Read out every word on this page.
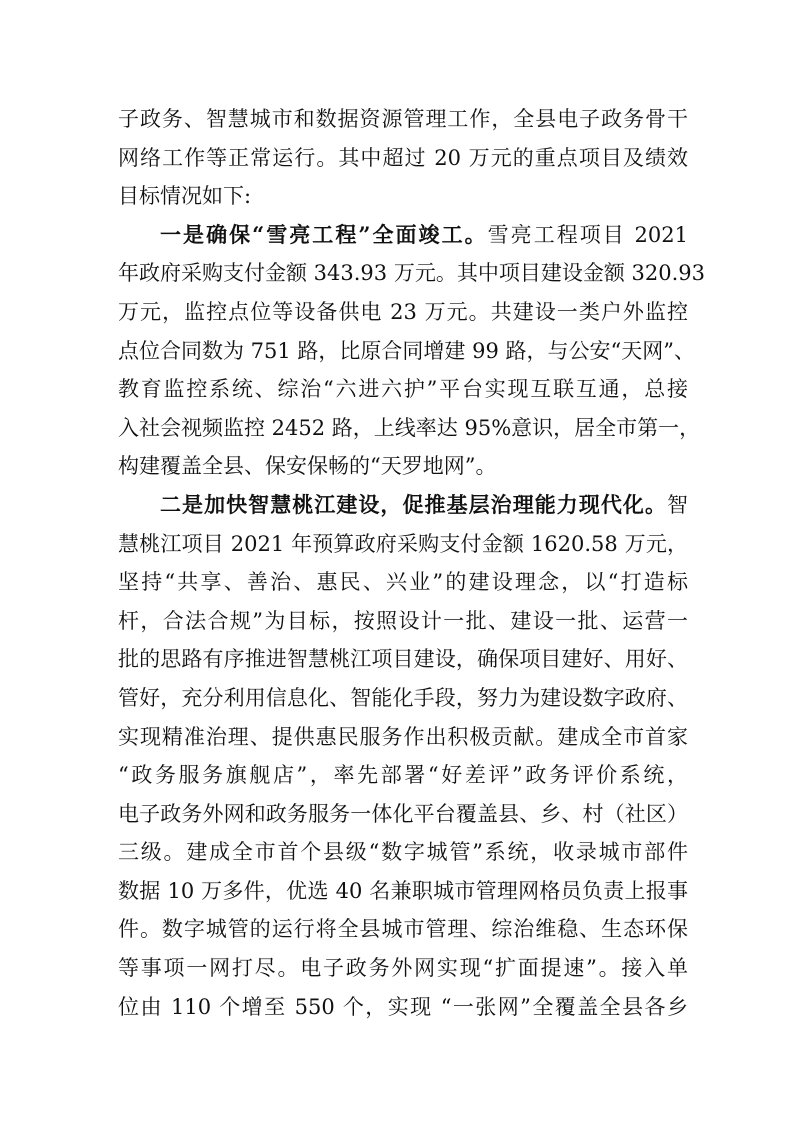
子政务、智慧城市和数据资源管理工作，全县电子政务骨干
网络工作等正常运行。其中超过 20 万元的重点项目及绩效
目标情况如下:
一是确保“雪亮工程”全面竣工。雪亮工程项目 2021
年政府采购支付金额 343.93 万元。其中项目建设金额 320.93
万元，监控点位等设备供电 23 万元。共建设一类户外监控
点位合同数为 751 路，比原合同增建 99 路，与公安“天网”、
教育监控系统、综治“六进六护”平台实现互联互通，总接
入社会视频监控 2452 路，上线率达 95%意识，居全市第一，
构建覆盖全县、保安保畅的“天罗地网”。
二是加快智慧桃江建设，促推基层治理能力现代化。智
慧桃江项目 2021 年预算政府采购支付金额 1620.58 万元，
坚持“共享、善治、惠民、兴业”的建设理念，以“打造标
杆，合法合规”为目标，按照设计一批、建设一批、运营一
批的思路有序推进智慧桃江项目建设，确保项目建好、用好、
管好，充分利用信息化、智能化手段，努力为建设数字政府、
实现精准治理、提供惠民服务作出积极贡献。建成全市首家
“政务服务旗舰店”，率先部署“好差评”政务评价系统，
电子政务外网和政务服务一体化平台覆盖县、乡、村（社区）
三级。建成全市首个县级“数字城管”系统，收录城市部件
数据 10 万多件，优选 40 名兼职城市管理网格员负责上报事
件。数字城管的运行将全县城市管理、综治维稳、生态环保
等事项一网打尽。电子政务外网实现“扩面提速”。接入单
位由 110 个增至 550 个，实现 “一张网”全覆盖全县各乡
